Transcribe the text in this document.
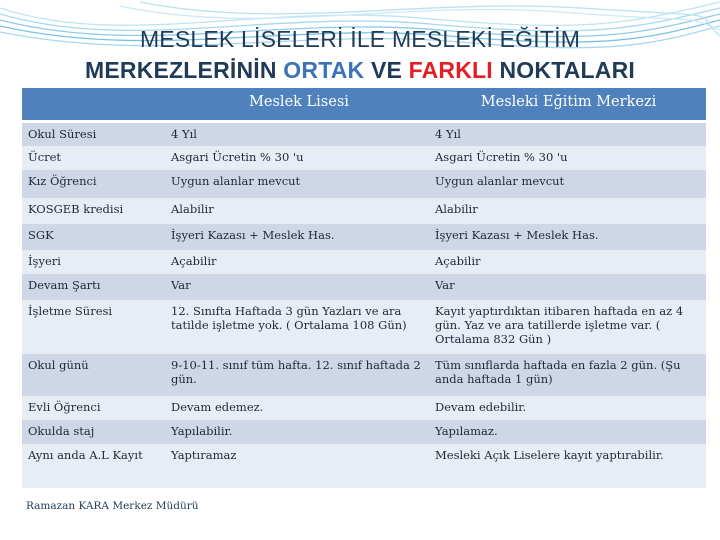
MESLEK LİSELERİ İLE MESLEKİ EĞİTİM
MERKEZLERİNİN ORTAK VE FARKLI NOKTALARI
	Meslek Lisesi	Mesleki Eğitim Merkezi
Okul Süresi	4 Yıl	4 Yıl
Ücret	Asgari Ücretin % 30 'u	Asgari Ücretin % 30 'u
Kız Öğrenci	Uygun alanlar mevcut	Uygun alanlar mevcut
KOSGEB kredisi	Alabilir	Alabilir
SGK	İşyeri Kazası + Meslek Has.	İşyeri Kazası + Meslek Has.
İşyeri	Açabilir	Açabilir
Devam Şartı	Var	Var
İşletme Süresi	12. Sınıfta Haftada 3 gün Yazları ve ara tatilde işletme yok. ( Ortalama 108 Gün)	Kayıt yaptırdıktan itibaren haftada en az 4 gün. Yaz ve ara tatillerde işletme var. ( Ortalama 832 Gün )
Okul günü	9-10-11. sınıf tüm hafta. 12. sınıf haftada 2 gün.	Tüm sınıflarda haftada en fazla 2 gün. (Şu anda haftada 1 gün)
Evli Öğrenci	Devam edemez.	Devam edebilir.
Okulda staj	Yapılabilir.	Yapılamaz.
Aynı anda A.L Kayıt	Yaptıramaz	Mesleki Açık Liselere kayıt yaptırabilir.
Ramazan KARA Merkez Müdürü
